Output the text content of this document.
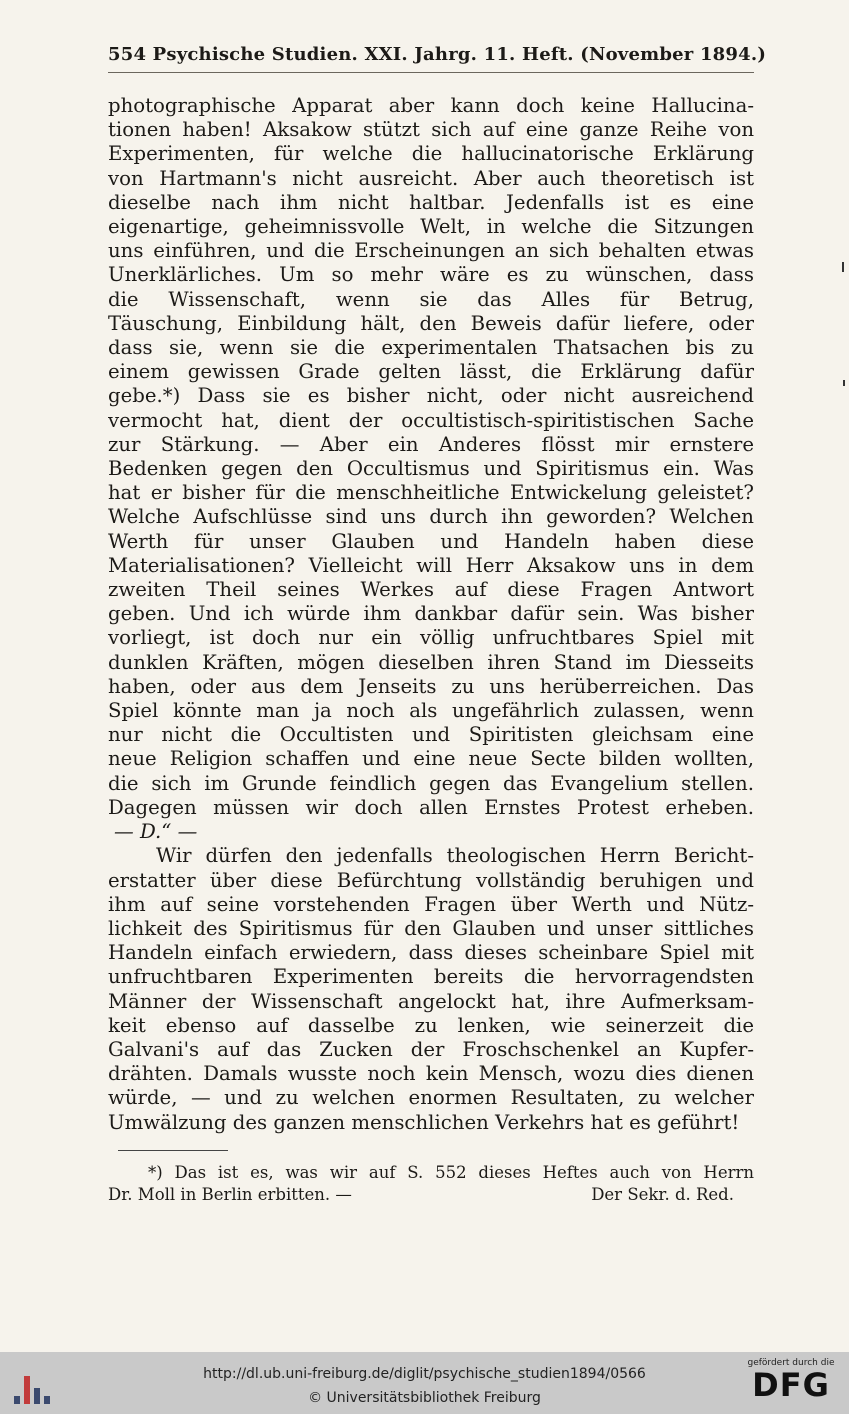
554 Psychische Studien. XXI. Jahrg. 11. Heft. (November 1894.)
photographische Apparat aber kann doch keine Hallucina-
tionen haben! Aksakow stützt sich auf eine ganze Reihe von
Experimenten, für welche die hallucinatorische Erklärung
von Hartmann's nicht ausreicht. Aber auch theoretisch ist
dieselbe nach ihm nicht haltbar. Jedenfalls ist es eine
eigenartige, geheimnissvolle Welt, in welche die Sitzungen
uns einführen, und die Erscheinungen an sich behalten etwas
Unerklärliches. Um so mehr wäre es zu wünschen, dass
die Wissenschaft, wenn sie das Alles für Betrug,
Täuschung, Einbildung hält, den Beweis dafür liefere, oder
dass sie, wenn sie die experimentalen Thatsachen bis zu
einem gewissen Grade gelten lässt, die Erklärung dafür
gebe.*) Dass sie es bisher nicht, oder nicht ausreichend
vermocht hat, dient der occultistisch-spiritistischen Sache
zur Stärkung. — Aber ein Anderes flösst mir ernstere
Bedenken gegen den Occultismus und Spiritismus ein. Was
hat er bisher für die menschheitliche Entwickelung geleistet?
Welche Aufschlüsse sind uns durch ihn geworden? Welchen
Werth für unser Glauben und Handeln haben diese
Materialisationen? Vielleicht will Herr Aksakow uns in dem
zweiten Theil seines Werkes auf diese Fragen Antwort
geben. Und ich würde ihm dankbar dafür sein. Was bisher
vorliegt, ist doch nur ein völlig unfruchtbares Spiel mit
dunklen Kräften, mögen dieselben ihren Stand im Diesseits
haben, oder aus dem Jenseits zu uns herüberreichen. Das
Spiel könnte man ja noch als ungefährlich zulassen, wenn
nur nicht die Occultisten und Spiritisten gleichsam eine
neue Religion schaffen und eine neue Secte bilden wollten,
die sich im Grunde feindlich gegen das Evangelium stellen.
Dagegen müssen wir doch allen Ernstes Protest erheben.
— D.“ —
Wir dürfen den jedenfalls theologischen Herrn Bericht-
erstatter über diese Befürchtung vollständig beruhigen und
ihm auf seine vorstehenden Fragen über Werth und Nütz-
lichkeit des Spiritismus für den Glauben und unser sittliches
Handeln einfach erwiedern, dass dieses scheinbare Spiel mit
unfruchtbaren Experimenten bereits die hervorragendsten
Männer der Wissenschaft angelockt hat, ihre Aufmerksam-
keit ebenso auf dasselbe zu lenken, wie seinerzeit die
Galvani's auf das Zucken der Froschschenkel an Kupfer-
drähten. Damals wusste noch kein Mensch, wozu dies dienen
würde, — und zu welchen enormen Resultaten, zu welcher
Umwälzung des ganzen menschlichen Verkehrs hat es geführt!
*) Das ist es, was wir auf S. 552 dieses Heftes auch von Herrn
Dr. Moll in Berlin erbitten. —	Der Sekr. d. Red.
http://dl.ub.uni-freiburg.de/diglit/psychische_studien1894/0566
© Universitätsbibliothek Freiburg
gefördert durch die
DFG
